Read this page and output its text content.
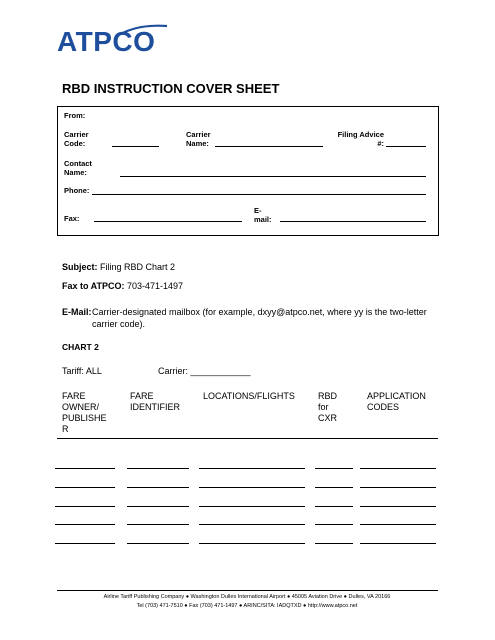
ATPCO
RBD INSTRUCTION COVER SHEET
From:
Carrier
Code:
Carrier
Name:
Filing Advice
#:
Contact
Name:
Phone:
Fax:
E-
mail:
Subject: Filing RBD Chart 2
Fax to ATPCO: 703-471-1497
E-Mail: Carrier-designated mailbox (for example, dxyy@atpco.net, where yy is the two-letter carrier code).
CHART 2
Tariff: ALL	Carrier: ____________
FARE
OWNER/
PUBLISHE
R
FARE
IDENTIFIER
LOCATIONS/FLIGHTS	RBD
for
CXR
APPLICATION
CODES
Airline Tariff Publishing Company ● Washington Dulles International Airport ● 45005 Aviation Drive ● Dulles, VA 20166
Tel (703) 471-7510 ● Fax (703) 471-1497 ● ARINC/SITA: IADQTXD ● http://www.atpco.net
